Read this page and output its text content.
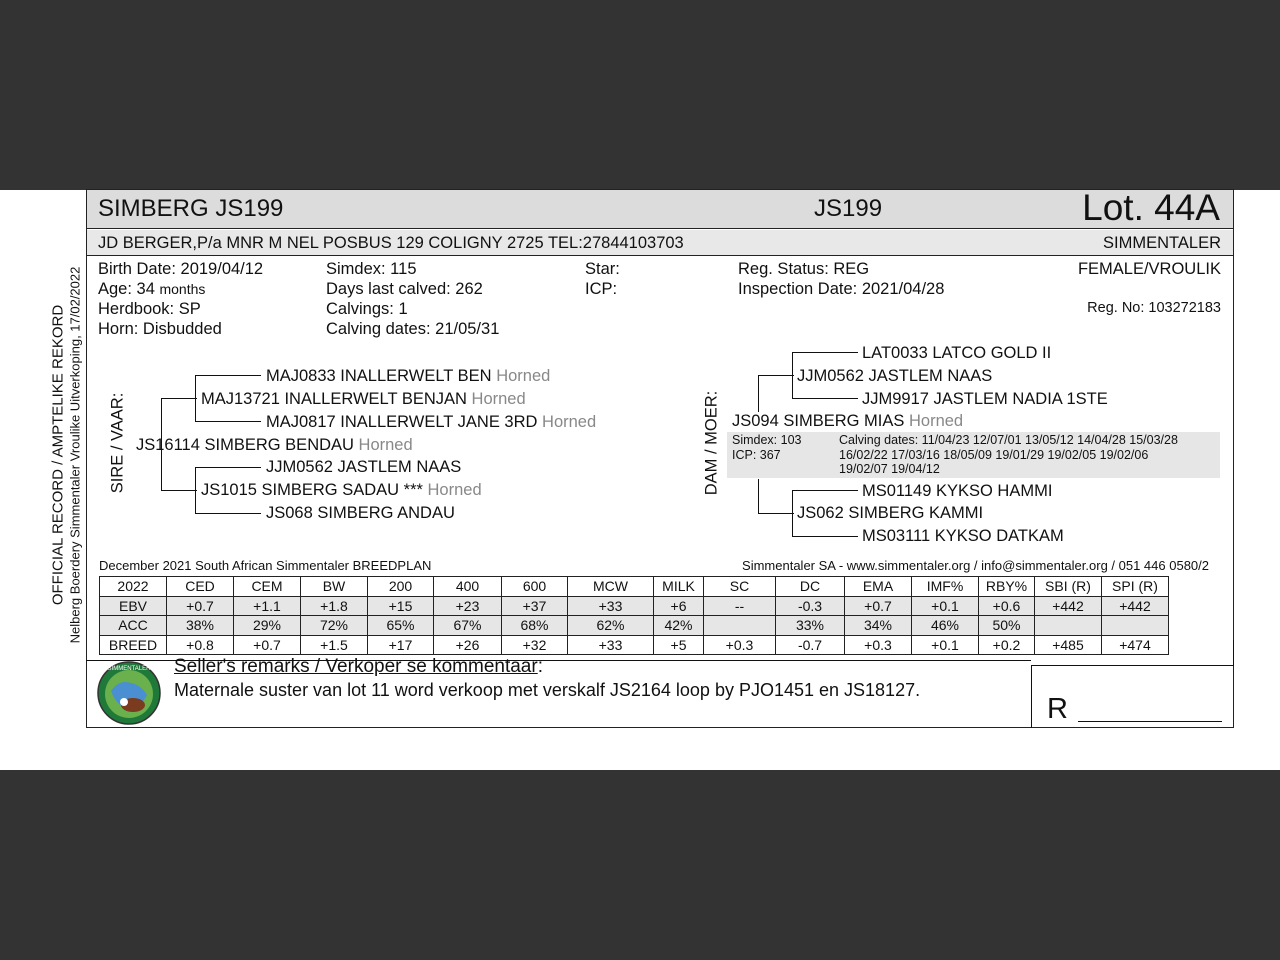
OFFICIAL RECORD / AMPTELIKE REKORD Nelberg Boerdery Simmentaler Vroulike Uitverkoping, 17/02/2022
SIMBERG JS199	JS199	Lot. 44A
JD BERGER,P/a MNR M NEL POSBUS 129 COLIGNY 2725 TEL:27844103703	SIMMENTALER
Birth Date: 2019/04/12
Age: 34 months
Herdbook: SP
Horn: Disbudded
Simdex: 115
Days last calved: 262
Calvings: 1
Calving dates: 21/05/31
Star:
ICP:
Reg. Status: REG
Inspection Date: 2021/04/28
FEMALE/VROULIK
Reg. No: 103272183
SIRE / VAAR:
MAJ0833 INALLERWELT BEN Horned
MAJ13721 INALLERWELT BENJAN Horned
MAJ0817 INALLERWELT JANE 3RD Horned
JS16114 SIMBERG BENDAU Horned
JJM0562 JASTLEM NAAS
JS1015 SIMBERG SADAU *** Horned
JS068 SIMBERG ANDAU
DAM / MOER:
LAT0033 LATCO GOLD II
JJM0562 JASTLEM NAAS
JJM9917 JASTLEM NADIA 1STE
JS094 SIMBERG MIAS Horned
Simdex: 103
ICP: 367
Calving dates: 11/04/23 12/07/01 13/05/12 14/04/28 15/03/28
16/02/22 17/03/16 18/05/09 19/01/29 19/02/05 19/02/06
19/02/07 19/04/12
MS01149 KYKSO HAMMI
JS062 SIMBERG KAMMI
MS03111 KYKSO DATKAM
December 2021 South African Simmentaler BREEDPLAN	Simmentaler SA - www.simmentaler.org / info@simmentaler.org / 051 446 0580/2
2022	CED	CEM	BW	200	400	600	MCW	MILK	SC	DC	EMA	IMF%	RBY%	SBI (R)	SPI (R)
EBV	+0.7	+1.1	+1.8	+15	+23	+37	+33	+6	--	-0.3	+0.7	+0.1	+0.6	+442	+442
ACC	38%	29%	72%	65%	67%	68%	62%	42%		33%	34%	46%	50%		
BREED	+0.8	+0.7	+1.5	+17	+26	+32	+33	+5	+0.3	-0.7	+0.3	+0.1	+0.2	+485	+474
SIMMENTALER Seller's remarks / Verkoper se kommentaar:
Maternale suster van lot 11 word verkoop met verskalf JS2164 loop by PJO1451 en JS18127.
R
